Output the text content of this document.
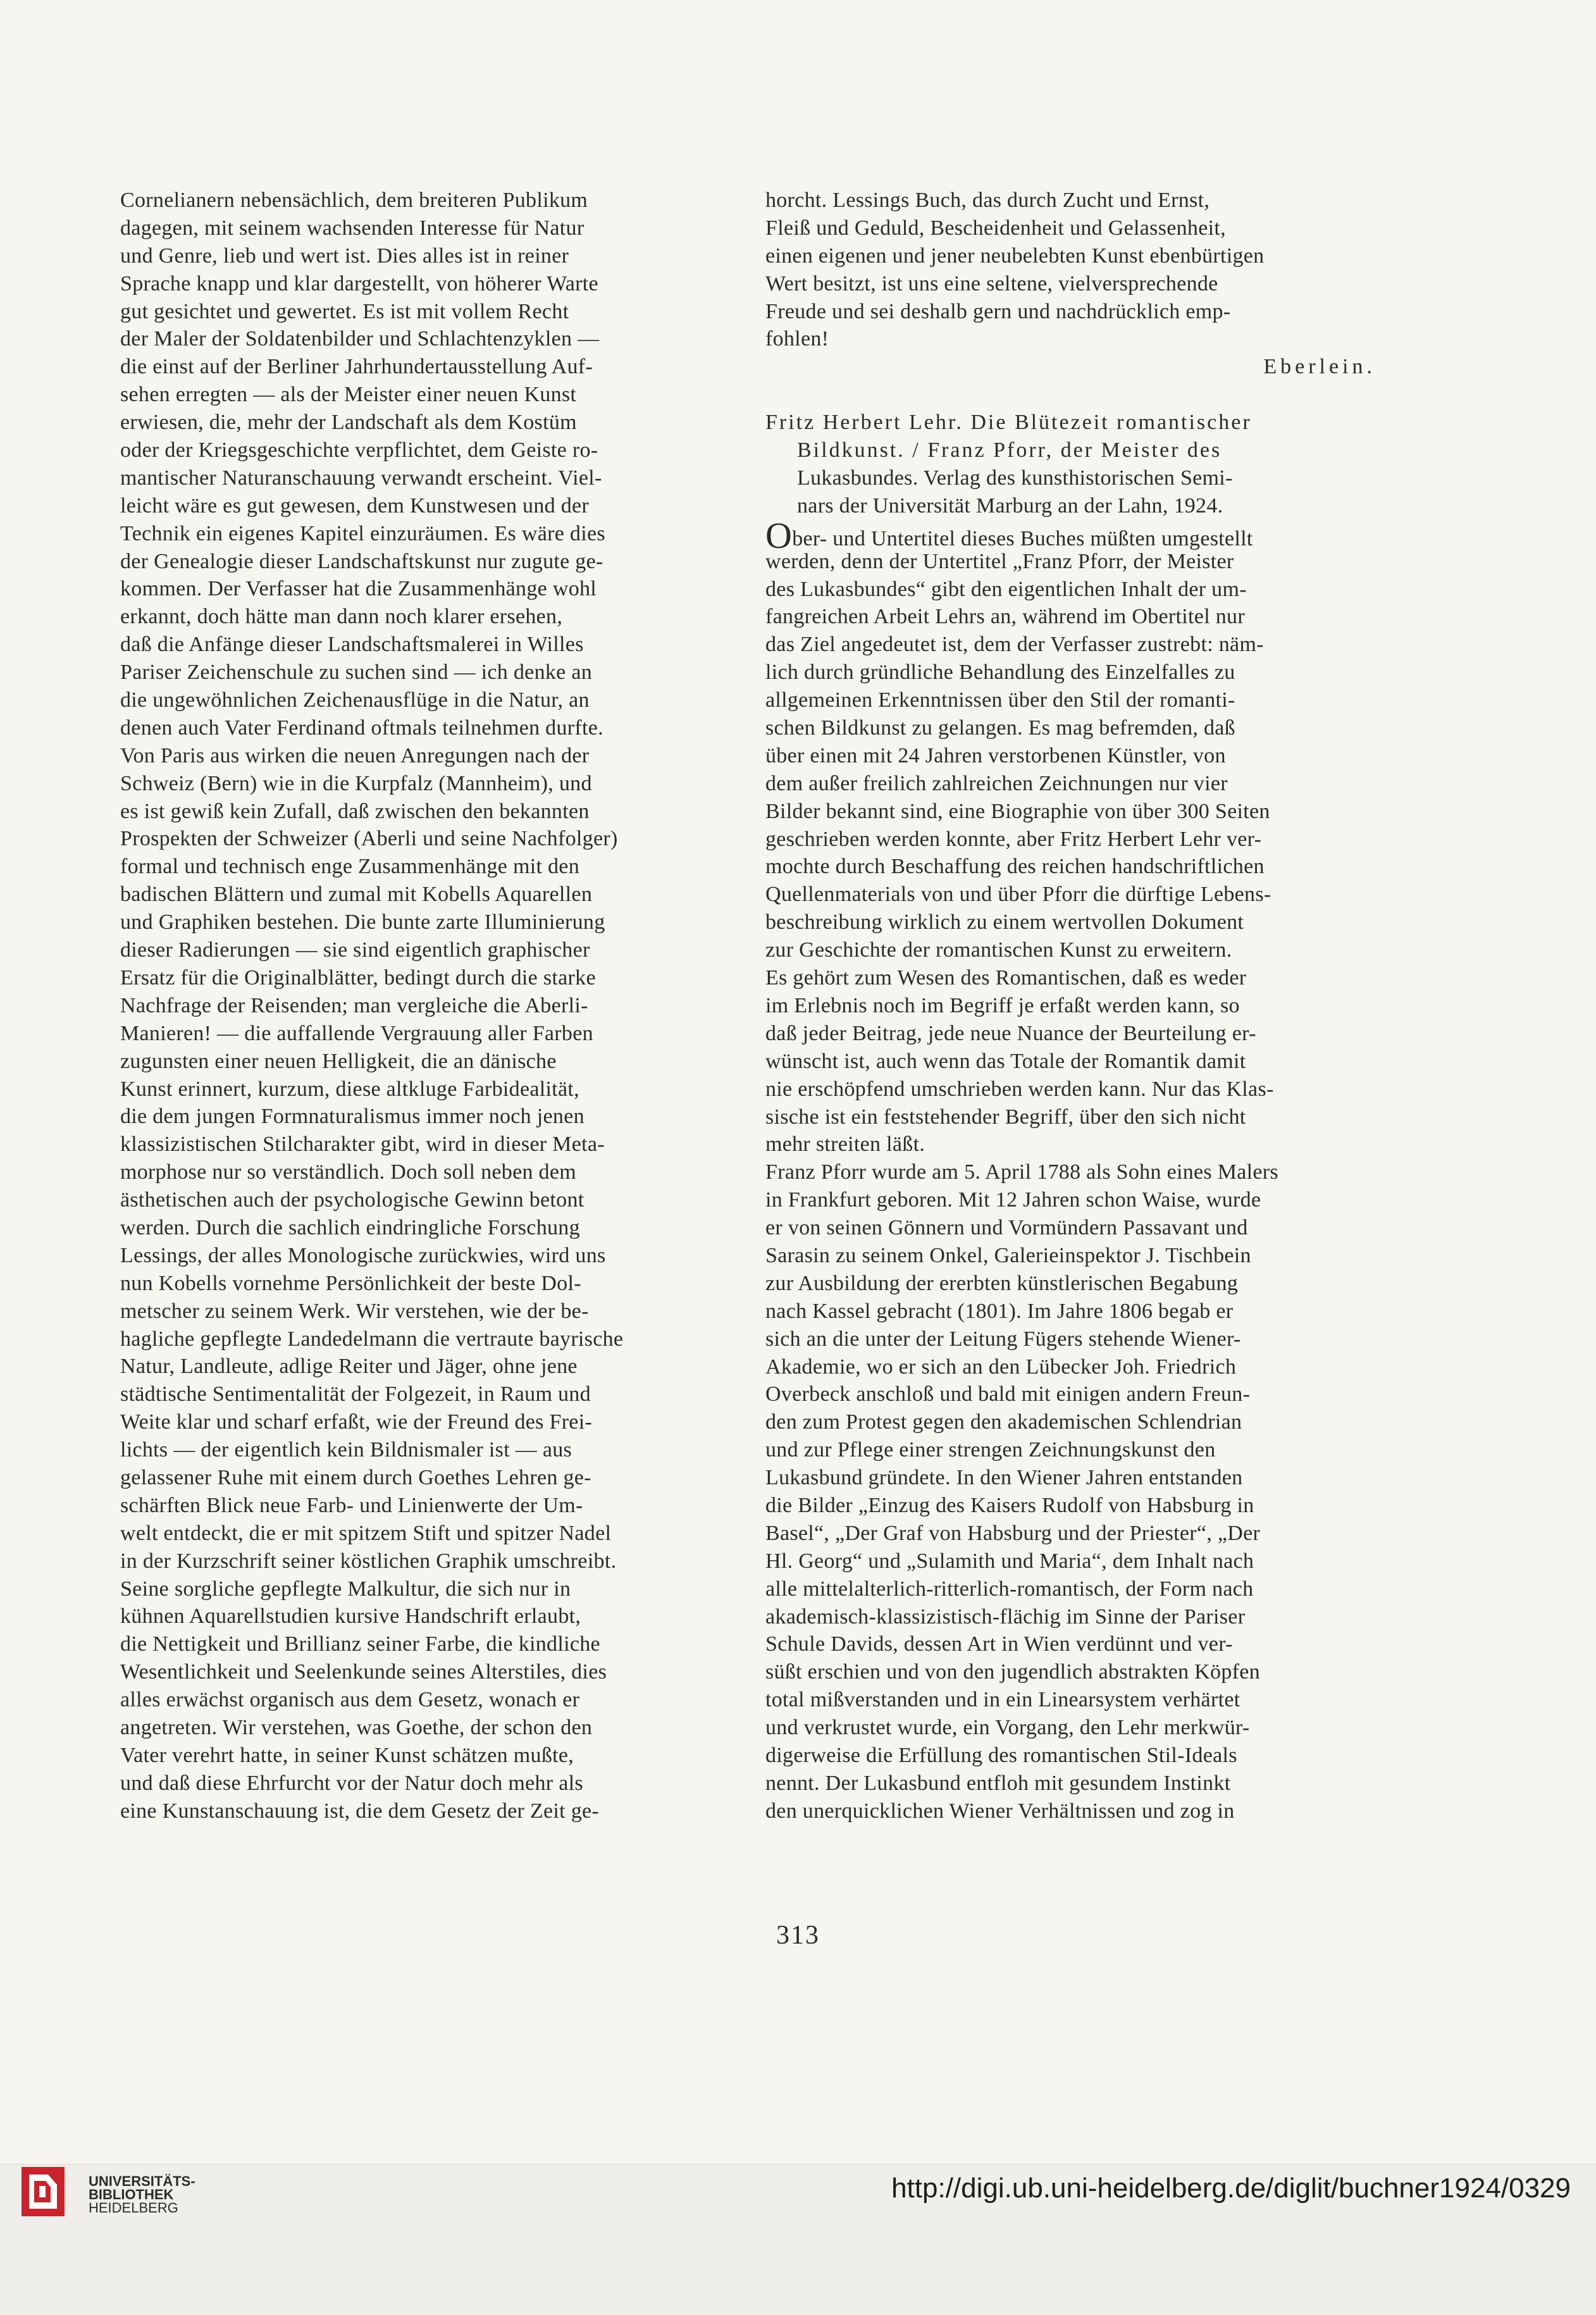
Cornelianern nebensächlich, dem breiteren Publikum
dagegen, mit seinem wachsenden Interesse für Natur
und Genre, lieb und wert ist. Dies alles ist in reiner
Sprache knapp und klar dargestellt, von höherer Warte
gut gesichtet und gewertet. Es ist mit vollem Recht
der Maler der Soldatenbilder und Schlachtenzyklen —
die einst auf der Berliner Jahrhundertausstellung Auf-
sehen erregten — als der Meister einer neuen Kunst
erwiesen, die, mehr der Landschaft als dem Kostüm
oder der Kriegsgeschichte verpflichtet, dem Geiste ro-
mantischer Naturanschauung verwandt erscheint. Viel-
leicht wäre es gut gewesen, dem Kunstwesen und der
Technik ein eigenes Kapitel einzuräumen. Es wäre dies
der Genealogie dieser Landschaftskunst nur zugute ge-
kommen. Der Verfasser hat die Zusammenhänge wohl
erkannt, doch hätte man dann noch klarer ersehen,
daß die Anfänge dieser Landschaftsmalerei in Willes
Pariser Zeichenschule zu suchen sind — ich denke an
die ungewöhnlichen Zeichenausflüge in die Natur, an
denen auch Vater Ferdinand oftmals teilnehmen durfte.
Von Paris aus wirken die neuen Anregungen nach der
Schweiz (Bern) wie in die Kurpfalz (Mannheim), und
es ist gewiß kein Zufall, daß zwischen den bekannten
Prospekten der Schweizer (Aberli und seine Nachfolger)
formal und technisch enge Zusammenhänge mit den
badischen Blättern und zumal mit Kobells Aquarellen
und Graphiken bestehen. Die bunte zarte Illuminierung
dieser Radierungen — sie sind eigentlich graphischer
Ersatz für die Originalblätter, bedingt durch die starke
Nachfrage der Reisenden; man vergleiche die Aberli-
Manieren! — die auffallende Vergrauung aller Farben
zugunsten einer neuen Helligkeit, die an dänische
Kunst erinnert, kurzum, diese altkluge Farbidealität,
die dem jungen Formnaturalismus immer noch jenen
klassizistischen Stilcharakter gibt, wird in dieser Meta-
morphose nur so verständlich. Doch soll neben dem
ästhetischen auch der psychologische Gewinn betont
werden. Durch die sachlich eindringliche Forschung
Lessings, der alles Monologische zurückwies, wird uns
nun Kobells vornehme Persönlichkeit der beste Dol-
metscher zu seinem Werk. Wir verstehen, wie der be-
hagliche gepflegte Landedelmann die vertraute bayrische
Natur, Landleute, adlige Reiter und Jäger, ohne jene
städtische Sentimentalität der Folgezeit, in Raum und
Weite klar und scharf erfaßt, wie der Freund des Frei-
lichts — der eigentlich kein Bildnismaler ist — aus
gelassener Ruhe mit einem durch Goethes Lehren ge-
schärften Blick neue Farb- und Linienwerte der Um-
welt entdeckt, die er mit spitzem Stift und spitzer Nadel
in der Kurzschrift seiner köstlichen Graphik umschreibt.
Seine sorgliche gepflegte Malkultur, die sich nur in
kühnen Aquarellstudien kursive Handschrift erlaubt,
die Nettigkeit und Brillianz seiner Farbe, die kindliche
Wesentlichkeit und Seelenkunde seines Alterstiles, dies
alles erwächst organisch aus dem Gesetz, wonach er
angetreten. Wir verstehen, was Goethe, der schon den
Vater verehrt hatte, in seiner Kunst schätzen mußte,
und daß diese Ehrfurcht vor der Natur doch mehr als
eine Kunstanschauung ist, die dem Gesetz der Zeit ge-
horcht. Lessings Buch, das durch Zucht und Ernst,
Fleiß und Geduld, Bescheidenheit und Gelassenheit,
einen eigenen und jener neubelebten Kunst ebenbürtigen
Wert besitzt, ist uns eine seltene, vielversprechende
Freude und sei deshalb gern und nachdrücklich emp-
fohlen!
Eberlein.
Fritz Herbert Lehr. Die Blütezeit romantischer
Bildkunst. / Franz Pforr, der Meister des
Lukasbundes. Verlag des kunsthistorischen Semi-
nars der Universität Marburg an der Lahn, 1924.
Ober- und Untertitel dieses Buches müßten umgestellt
werden, denn der Untertitel „Franz Pforr, der Meister
des Lukasbundes“ gibt den eigentlichen Inhalt der um-
fangreichen Arbeit Lehrs an, während im Obertitel nur
das Ziel angedeutet ist, dem der Verfasser zustrebt: näm-
lich durch gründliche Behandlung des Einzelfalles zu
allgemeinen Erkenntnissen über den Stil der romanti-
schen Bildkunst zu gelangen. Es mag befremden, daß
über einen mit 24 Jahren verstorbenen Künstler, von
dem außer freilich zahlreichen Zeichnungen nur vier
Bilder bekannt sind, eine Biographie von über 300 Seiten
geschrieben werden konnte, aber Fritz Herbert Lehr ver-
mochte durch Beschaffung des reichen handschriftlichen
Quellenmaterials von und über Pforr die dürftige Lebens-
beschreibung wirklich zu einem wertvollen Dokument
zur Geschichte der romantischen Kunst zu erweitern.
Es gehört zum Wesen des Romantischen, daß es weder
im Erlebnis noch im Begriff je erfaßt werden kann, so
daß jeder Beitrag, jede neue Nuance der Beurteilung er-
wünscht ist, auch wenn das Totale der Romantik damit
nie erschöpfend umschrieben werden kann. Nur das Klas-
sische ist ein feststehender Begriff, über den sich nicht
mehr streiten läßt.
Franz Pforr wurde am 5. April 1788 als Sohn eines Malers
in Frankfurt geboren. Mit 12 Jahren schon Waise, wurde
er von seinen Gönnern und Vormündern Passavant und
Sarasin zu seinem Onkel, Galerieinspektor J. Tischbein
zur Ausbildung der ererbten künstlerischen Begabung
nach Kassel gebracht (1801). Im Jahre 1806 begab er
sich an die unter der Leitung Fügers stehende Wiener-
Akademie, wo er sich an den Lübecker Joh. Friedrich
Overbeck anschloß und bald mit einigen andern Freun-
den zum Protest gegen den akademischen Schlendrian
und zur Pflege einer strengen Zeichnungskunst den
Lukasbund gründete. In den Wiener Jahren entstanden
die Bilder „Einzug des Kaisers Rudolf von Habsburg in
Basel“, „Der Graf von Habsburg und der Priester“, „Der
Hl. Georg“ und „Sulamith und Maria“, dem Inhalt nach
alle mittelalterlich-ritterlich-romantisch, der Form nach
akademisch-klassizistisch-flächig im Sinne der Pariser
Schule Davids, dessen Art in Wien verdünnt und ver-
süßt erschien und von den jugendlich abstrakten Köpfen
total mißverstanden und in ein Linearsystem verhärtet
und verkrustet wurde, ein Vorgang, den Lehr merkwür-
digerweise die Erfüllung des romantischen Stil-Ideals
nennt. Der Lukasbund entfloh mit gesundem Instinkt
den unerquicklichen Wiener Verhältnissen und zog in
313
UNIVERSITÄTS-
BIBLIOTHEK
HEIDELBERG
http://digi.ub.uni-heidelberg.de/diglit/buchner1924/0329
